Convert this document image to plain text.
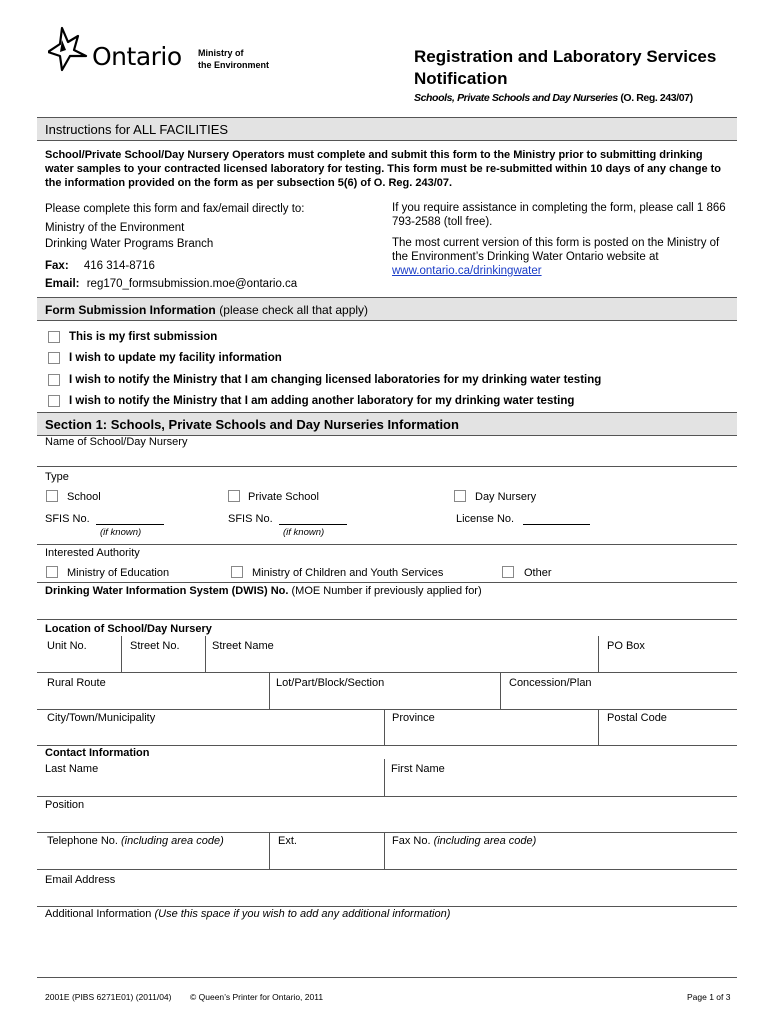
Ontario Ministry of
the Environment	Registration and Laboratory Services
Notification
Schools, Private Schools and Day Nurseries (O. Reg. 243/07)
Instructions for ALL FACILITIES
School/Private School/Day Nursery Operators must complete and submit this form to the Ministry prior to submitting drinking water samples to your contracted licensed laboratory for testing. This form must be re-submitted within 10 days of any change to the information provided on the form as per subsection 5(6) of O. Reg. 243/07.
Please complete this form and fax/email directly to:
Ministry of the Environment
Drinking Water Programs Branch
Fax: 416 314-8716
Email: reg170_formsubmission.moe@ontario.ca
If you require assistance in completing the form, please call 1 866 793-2588 (toll free).
The most current version of this form is posted on the Ministry of the Environment’s Drinking Water Ontario website at www.ontario.ca/drinkingwater
Form Submission Information (please check all that apply)
This is my first submission
I wish to update my facility information
I wish to notify the Ministry that I am changing licensed laboratories for my drinking water testing
I wish to notify the Ministry that I am adding another laboratory for my drinking water testing
Section 1: Schools, Private Schools and Day Nurseries Information
Name of School/Day Nursery
Type
School	Private School	Day Nursery
SFIS No.
(if known)
SFIS No.
(if known)
License No.
Interested Authority
Ministry of Education	Ministry of Children and Youth Services	Other
Drinking Water Information System (DWIS) No. (MOE Number if previously applied for)
Location of School/Day Nursery
Unit No.	Street No.	Street Name	PO Box
Rural Route	Lot/Part/Block/Section	Concession/Plan
City/Town/Municipality	Province	Postal Code
Contact Information
Last Name	First Name
Position
Telephone No. (including area code)	Ext.	Fax No. (including area code)
Email Address
Additional Information (Use this space if you wish to add any additional information)
2001E (PIBS 6271E01) (2011/04) © Queen’s Printer for Ontario, 2011	Page 1 of 3
